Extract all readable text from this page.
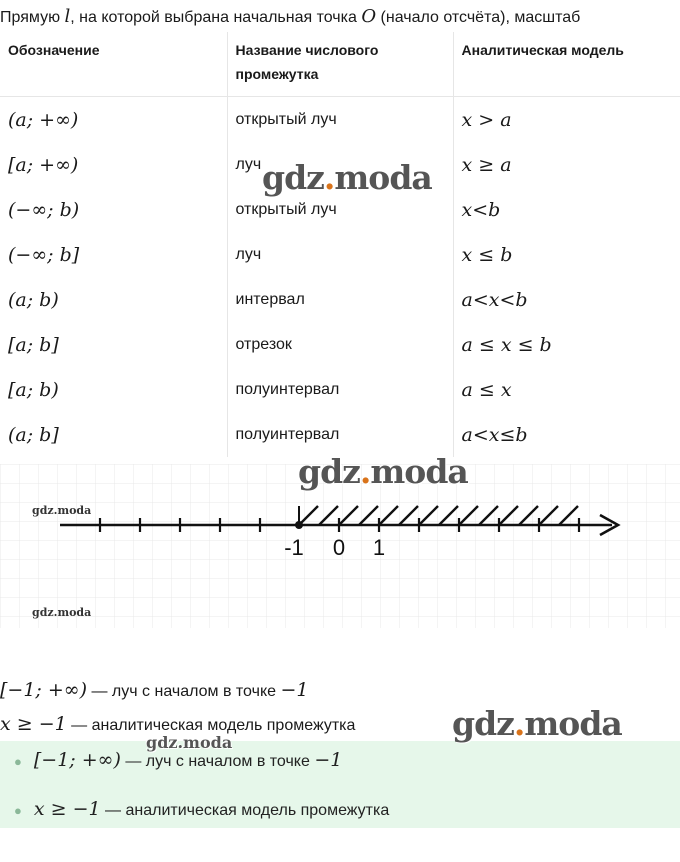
Прямую l, на которой выбрана начальная точка O (начало отсчёта), масштаб
Обозначение	Название числового промежутка	Аналитическая модель
(a; +∞)	открытый луч	x > a
[a; +∞)	луч	x ≥ a
(−∞; b)	открытый луч	x<b
(−∞; b]	луч	x ≤ b
(a; b)	интервал	a<x<b
[a; b]	отрезок	a ≤ x ≤ b
[a; b)	полуинтервал	a ≤ x
(a; b]	полуинтервал	a<x≤b
gdz.moda
-1 0 1
gdz.moda
gdz.moda
gdz.moda
[−1; +∞) — луч с началом в точке −1
x ≥ −1 — аналитическая модель промежутка
● [−1; +∞) — луч с началом в точке −1
● x ≥ −1 — аналитическая модель промежутка
gdz.moda
gdz.moda
